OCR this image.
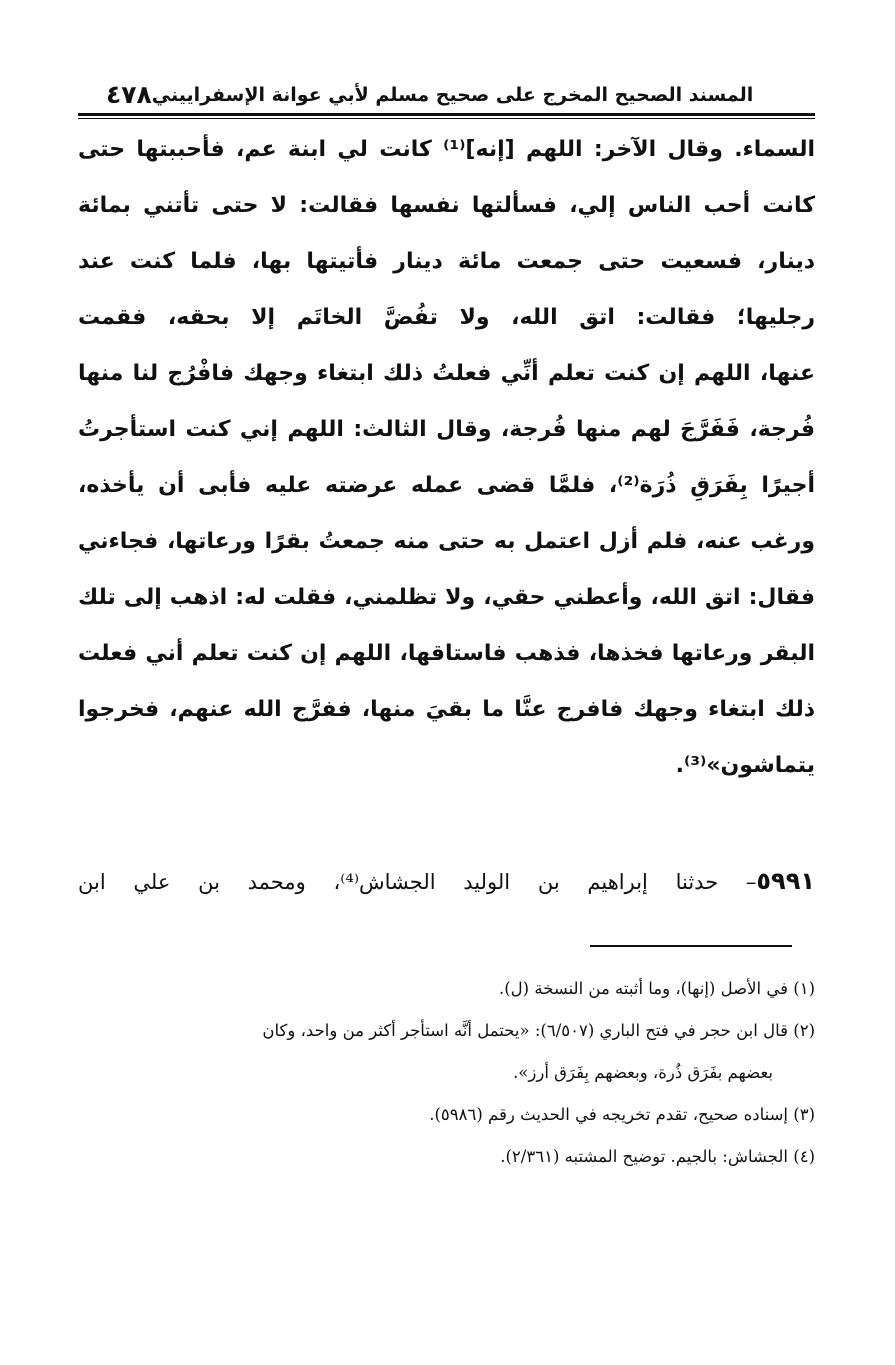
٤٧٨ المسند الصحيح المخرج على صحيح مسلم لأبي عوانة الإسفراييني
السماء. وقال الآخر: اللهم [إنه]⁽¹⁾ كانت لي ابنة عم، فأحببتها حتى
كانت أحب الناس إلي، فسألتها نفسها فقالت: لا حتى تأتني بمائة
دينار، فسعيت حتى جمعت مائة دينار فأتيتها بها، فلما كنت عند
رجليها؛ فقالت: اتق الله، ولا تفُضَّ الخاتَم إلا بحقه، فقمت
عنها، اللهم إن كنت تعلم أنِّي فعلتُ ذلك ابتغاء وجهك فافْرُج لنا منها
فُرجة، فَفَرَّجَ لهم منها فُرجة، وقال الثالث: اللهم إني كنت استأجرتُ
أجيرًا بِفَرَقِ ذُرَة⁽²⁾، فلمَّا قضى عمله عرضته عليه فأبى أن يأخذه،
ورغب عنه، فلم أزل اعتمل به حتى منه جمعتُ بقرًا ورعاتها، فجاءني
فقال: اتق الله، وأعطني حقي، ولا تظلمني، فقلت له: اذهب إلى تلك
البقر ورعاتها فخذها، فذهب فاستاقها، اللهم إن كنت تعلم أني فعلت
ذلك ابتغاء وجهك فافرج عنَّا ما بقيَ منها، ففرَّج الله عنهم، فخرجوا
يتماشون»⁽³⁾.
٥٩٩١– حدثنا إبراهيم بن الوليد الجشاش⁽⁴⁾، ومحمد بن علي ابن
(١) في الأصل (إنها)، وما أثبته من النسخة (ل).
(٢) قال ابن حجر في فتح الباري (٦/٥٠٧): «يحتمل أنَّه استأجر أكثر من واحد، وكان
بعضهم بفَرَق ذُرة، وبعضهم بِفَرَق أرز».
(٣) إسناده صحيح، تقدم تخريجه في الحديث رقم (٥٩٨٦).
(٤) الجشاش: بالجيم. توضيح المشتبه (٢/٣٦١).
